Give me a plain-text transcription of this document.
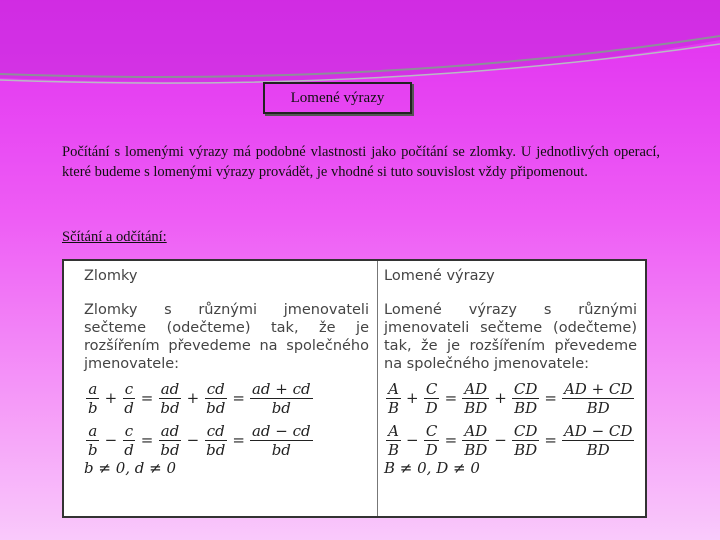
Lomené výrazy
Počítání s lomenými výrazy má podobné vlastnosti jako počítání se zlomky. U jednotlivých operací, které budeme s lomenými výrazy provádět, je vhodné si tuto souvislost vždy připomenout.
Sčítání a odčítání:
Zlomky
Zlomky s různými jmenovateli sečteme (odečteme) tak, že je rozšířením převedeme na společného jmenovatele:
$\frac{a}{b} + \frac{c}{d} = \frac{ad}{bd} + \frac{cd}{bd} = \frac{ad + cd}{bd}$
$\frac{a}{b} - \frac{c}{d} = \frac{ad}{bd} - \frac{cd}{bd} = \frac{ad - cd}{bd}$
b ≠ 0, d ≠ 0
Lomené výrazy
Lomené výrazy s různými jmenovateli sečteme (odečteme) tak, že je rozšířením převedeme na společného jmenovatele:
$\frac{A}{B} + \frac{C}{D} = \frac{AD}{BD} + \frac{CD}{BD} = \frac{AD + CD}{BD}$
$\frac{A}{B} - \frac{C}{D} = \frac{AD}{BD} - \frac{CD}{BD} = \frac{AD - CD}{BD}$
B ≠ 0, D ≠ 0
